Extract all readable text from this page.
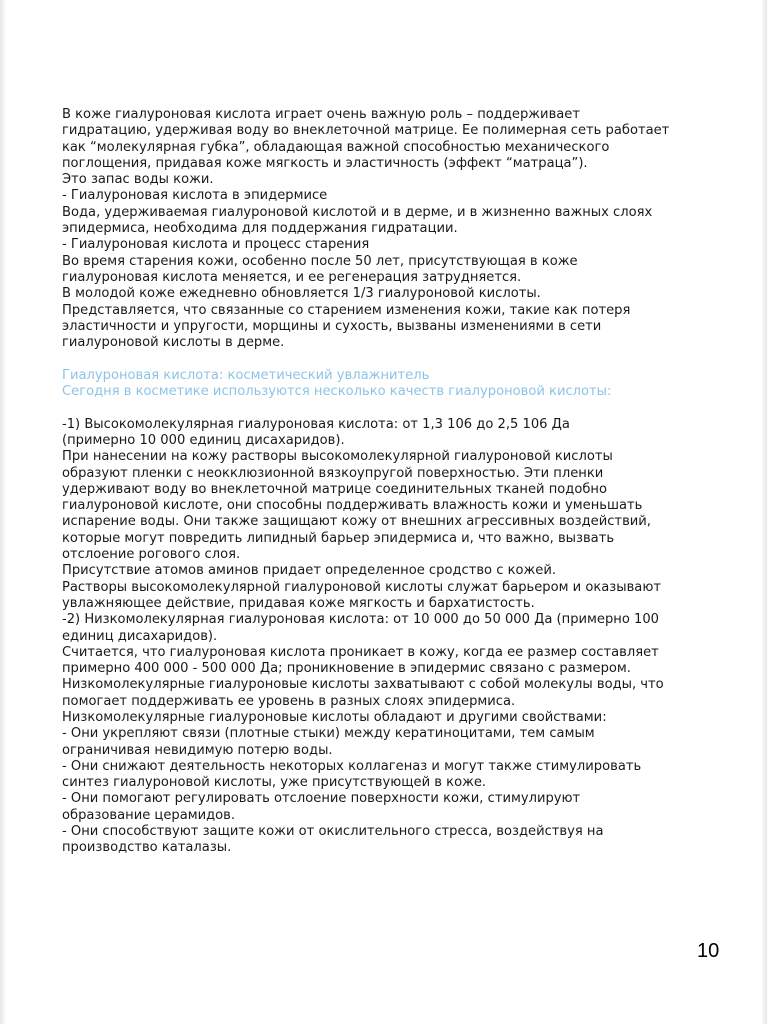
В коже гиалуроновая кислота играет очень важную роль – поддерживает
гидратацию, удерживая воду во внеклеточной матрице. Ее полимерная сеть работает
как “молекулярная губка”, обладающая важной способностью механического
поглощения, придавая коже мягкость и эластичность (эффект “матраца”).
Это запас воды кожи.
- Гиалуроновая кислота в эпидермисе
Вода, удерживаемая гиалуроновой кислотой и в дерме, и в жизненно важных слоях
эпидермиса, необходима для поддержания гидратации.
- Гиалуроновая кислота и процесс старения
Во время старения кожи, особенно после 50 лет, присутствующая в коже
гиалуроновая кислота меняется, и ее регенерация затрудняется.
В молодой коже ежедневно обновляется 1/3 гиалуроновой кислоты.
Представляется, что связанные со старением изменения кожи, такие как потеря
эластичности и упругости, морщины и сухость, вызваны изменениями в сети
гиалуроновой кислоты в дерме.
Гиалуроновая кислота: косметический увлажнитель
Сегодня в косметике используются несколько качеств гиалуроновой кислоты:
-1) Высокомолекулярная гиалуроновая кислота: от 1,3 106 до 2,5 106 Да
(примерно 10 000 единиц дисахаридов).
При нанесении на кожу растворы высокомолекулярной гиалуроновой кислоты
образуют пленки с неокклюзионной вязкоупругой поверхностью. Эти пленки
удерживают воду во внеклеточной матрице соединительных тканей подобно
гиалуроновой кислоте, они способны поддерживать влажность кожи и уменьшать
испарение воды. Они также защищают кожу от внешних агрессивных воздействий,
которые могут повредить липидный барьер эпидермиса и, что важно, вызвать
отслоение рогового слоя.
Присутствие атомов аминов придает определенное сродство с кожей.
Растворы высокомолекулярной гиалуроновой кислоты служат барьером и оказывают
увлажняющее действие, придавая коже мягкость и бархатистость.
-2) Низкомолекулярная гиалуроновая кислота: от 10 000 до 50 000 Да (примерно 100
единиц дисахаридов).
Считается, что гиалуроновая кислота проникает в кожу, когда ее размер составляет
примерно 400 000 - 500 000 Да; проникновение в эпидермис связано с размером.
Низкомолекулярные гиалуроновые кислоты захватывают с собой молекулы воды, что
помогает поддерживать ее уровень в разных слоях эпидермиса.
Низкомолекулярные гиалуроновые кислоты обладают и другими свойствами:
- Они укрепляют связи (плотные стыки) между кератиноцитами, тем самым
ограничивая невидимую потерю воды.
- Они снижают деятельность некоторых коллагеназ и могут также стимулировать
синтез гиалуроновой кислоты, уже присутствующей в коже.
- Они помогают регулировать отслоение поверхности кожи, стимулируют
образование церамидов.
- Они способствуют защите кожи от окислительного стресса, воздействуя на
производство каталазы.
10
